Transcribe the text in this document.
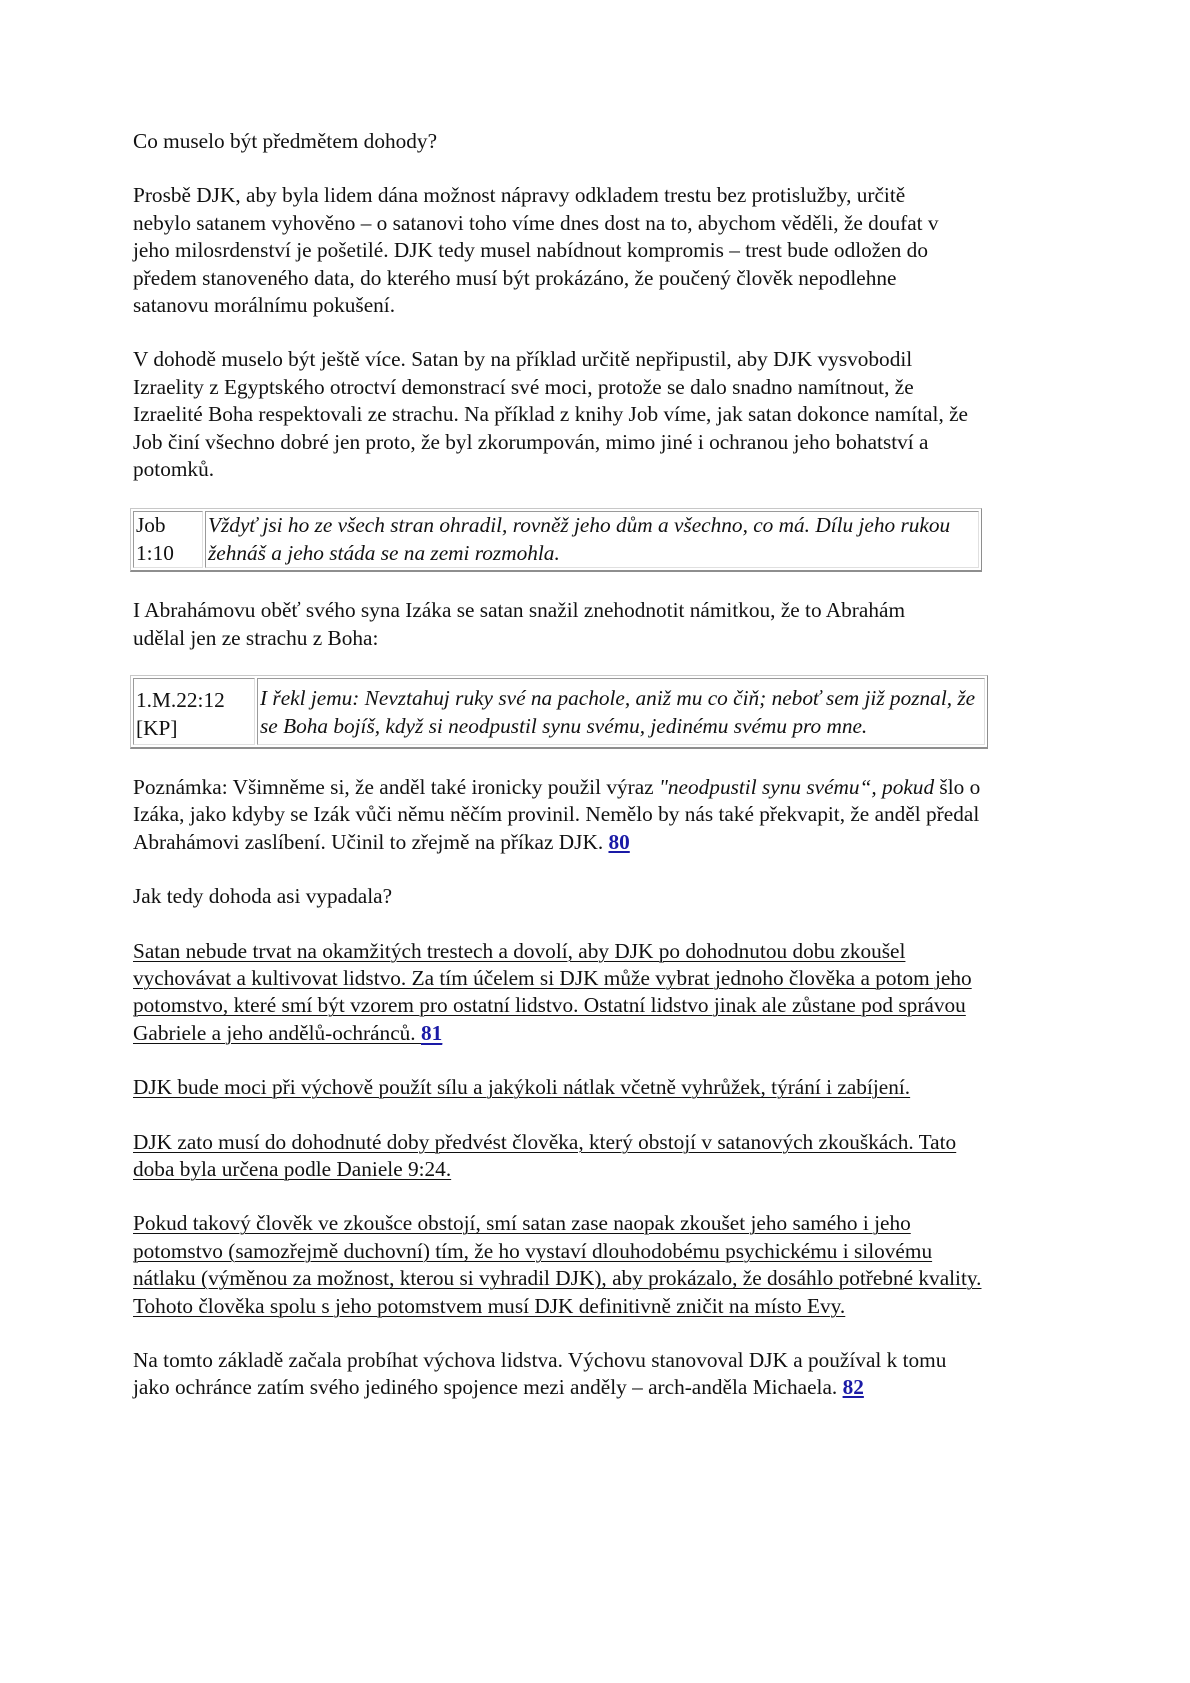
Co muselo být předmětem dohody?

Prosbě DJK, aby byla lidem dána možnost nápravy odkladem trestu bez protislužby, určitě nebylo satanem vyhověno – o satanovi toho víme dnes dost na to, abychom věděli, že doufat v jeho milosrdenství je pošetilé. DJK tedy musel nabídnout kompromis – trest bude odložen do předem stanoveného data, do kterého musí být prokázáno, že poučený člověk nepodlehne satanovu morálnímu pokušení.

V dohodě muselo být ještě více. Satan by na příklad určitě nepřipustil, aby DJK vysvobodil Izraelity z Egyptského otroctví demonstrací své moci, protože se dalo snadno namítnout, že Izraelité Boha respektovali ze strachu. Na příklad z knihy Job víme, jak satan dokonce namítal, že Job činí všechno dobré jen proto, že byl zkorumpován, mimo jiné i ochranou jeho bohatství a potomků.

Job
1:10	Vždyť jsi ho ze všech stran ohradil, rovněž jeho dům a všechno, co má. Dílu jeho rukou žehnáš a jeho stáda se na zemi rozmohla.

I Abrahámovu oběť svého syna Izáka se satan snažil znehodnotit námitkou, že to Abrahám udělal jen ze strachu z Boha:

1.M.22:12
[KP]	I řekl jemu: Nevztahuj ruky své na pachole, aniž mu co čiň; neboť sem již poznal, že se Boha bojíš, když si neodpustil synu svému, jedinému svému pro mne.

Poznámka: Všimněme si, že anděl také ironicky použil výraz "neodpustil synu svému“, pokud šlo o Izáka, jako kdyby se Izák vůči němu něčím provinil. Nemělo by nás také překvapit, že anděl předal Abrahámovi zaslíbení. Učinil to zřejmě na příkaz DJK. 80

Jak tedy dohoda asi vypadala?

Satan nebude trvat na okamžitých trestech a dovolí, aby DJK po dohodnutou dobu zkoušel vychovávat a kultivovat lidstvo. Za tím účelem si DJK může vybrat jednoho člověka a potom jeho potomstvo, které smí být vzorem pro ostatní lidstvo. Ostatní lidstvo jinak ale zůstane pod správou Gabriele a jeho andělů-ochránců. 81

DJK bude moci při výchově použít sílu a jakýkoli nátlak včetně vyhrůžek, týrání i zabíjení.

DJK zato musí do dohodnuté doby předvést člověka, který obstojí v satanových zkouškách. Tato doba byla určena podle Daniele 9:24.

Pokud takový člověk ve zkoušce obstojí, smí satan zase naopak zkoušet jeho samého i jeho potomstvo (samozřejmě duchovní) tím, že ho vystaví dlouhodobému psychickému i silovému nátlaku (výměnou za možnost, kterou si vyhradil DJK), aby prokázalo, že dosáhlo potřebné kvality. Tohoto člověka spolu s jeho potomstvem musí DJK definitivně zničit na místo Evy.

Na tomto základě začala probíhat výchova lidstva. Výchovu stanovoval DJK a používal k tomu jako ochránce zatím svého jediného spojence mezi anděly – arch-anděla Michaela. 82
